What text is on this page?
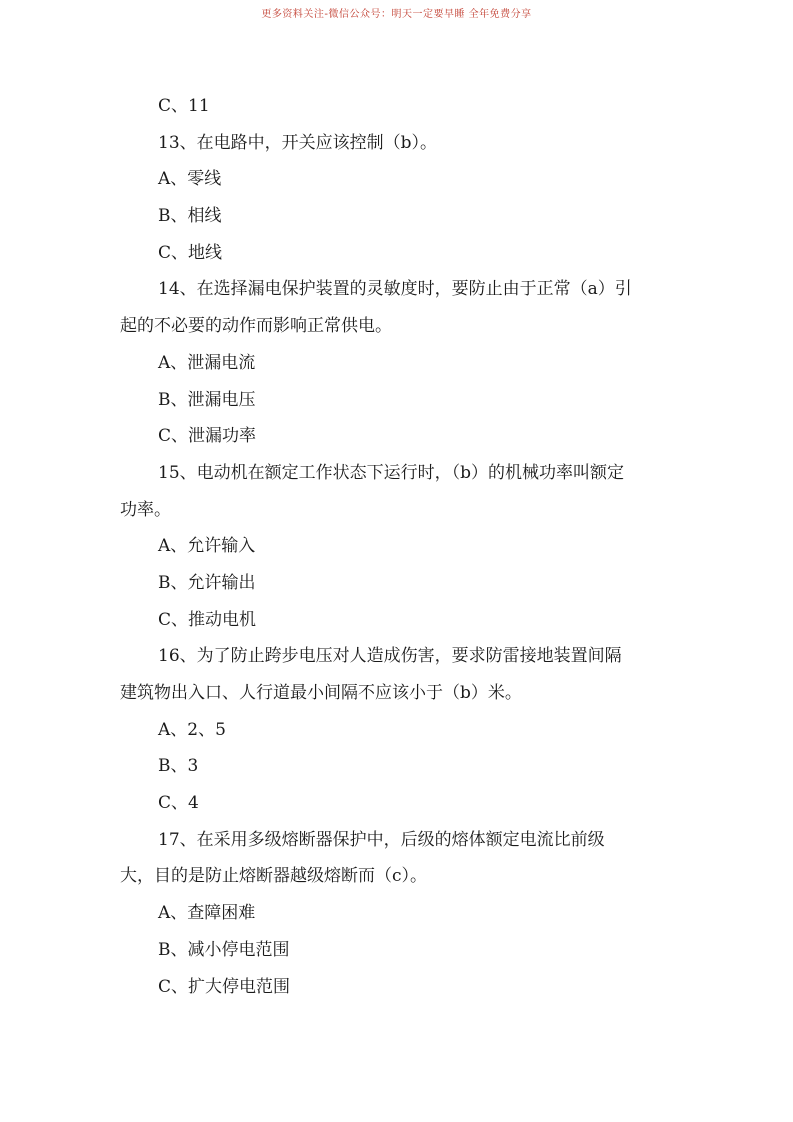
更多资料关注-微信公众号：明天一定要早睡 全年免费分享
C、11
13、在电路中，开关应该控制（b）。
A、零线
B、相线
C、地线
14、在选择漏电保护装置的灵敏度时，要防止由于正常（a）引
起的不必要的动作而影响正常供电。
A、泄漏电流
B、泄漏电压
C、泄漏功率
15、电动机在额定工作状态下运行时，（b）的机械功率叫额定
功率。
A、允许输入
B、允许输出
C、推动电机
16、为了防止跨步电压对人造成伤害，要求防雷接地装置间隔
建筑物出入口、人行道最小间隔不应该小于（b）米。
A、2、5
B、3
C、4
17、在采用多级熔断器保护中，后级的熔体额定电流比前级
大，目的是防止熔断器越级熔断而（c）。
A、查障困难
B、减小停电范围
C、扩大停电范围
